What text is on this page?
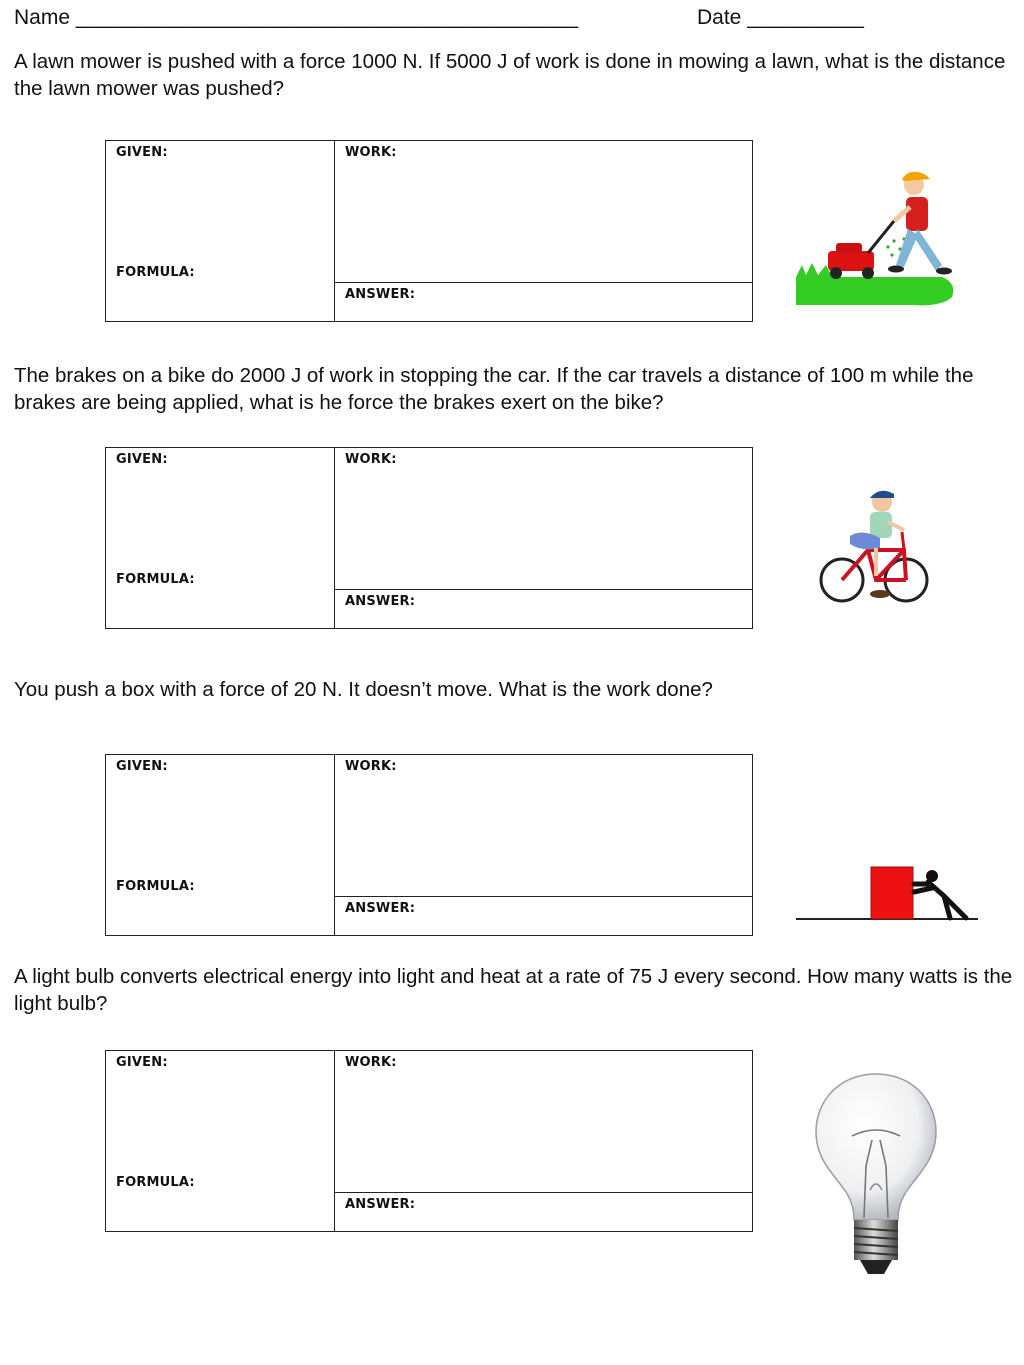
Name ___________________________________________	Date __________
A lawn mower is pushed with a force 1000 N. If 5000 J of work is done in mowing a lawn, what is the distance the lawn mower was pushed?
GIVEN:
FORMULA:
WORK:
ANSWER:
The brakes on a bike do 2000 J of work in stopping the car. If the car travels a distance of 100 m while the brakes are being applied, what is he force the brakes exert on the bike?
GIVEN:
FORMULA:
WORK:
ANSWER:
You push a box with a force of 20 N. It doesn’t move. What is the work done?
GIVEN:
FORMULA:
WORK:
ANSWER:
A light bulb converts electrical energy into light and heat at a rate of 75 J every second. How many watts is the light bulb?
GIVEN:
FORMULA:
WORK:
ANSWER:
